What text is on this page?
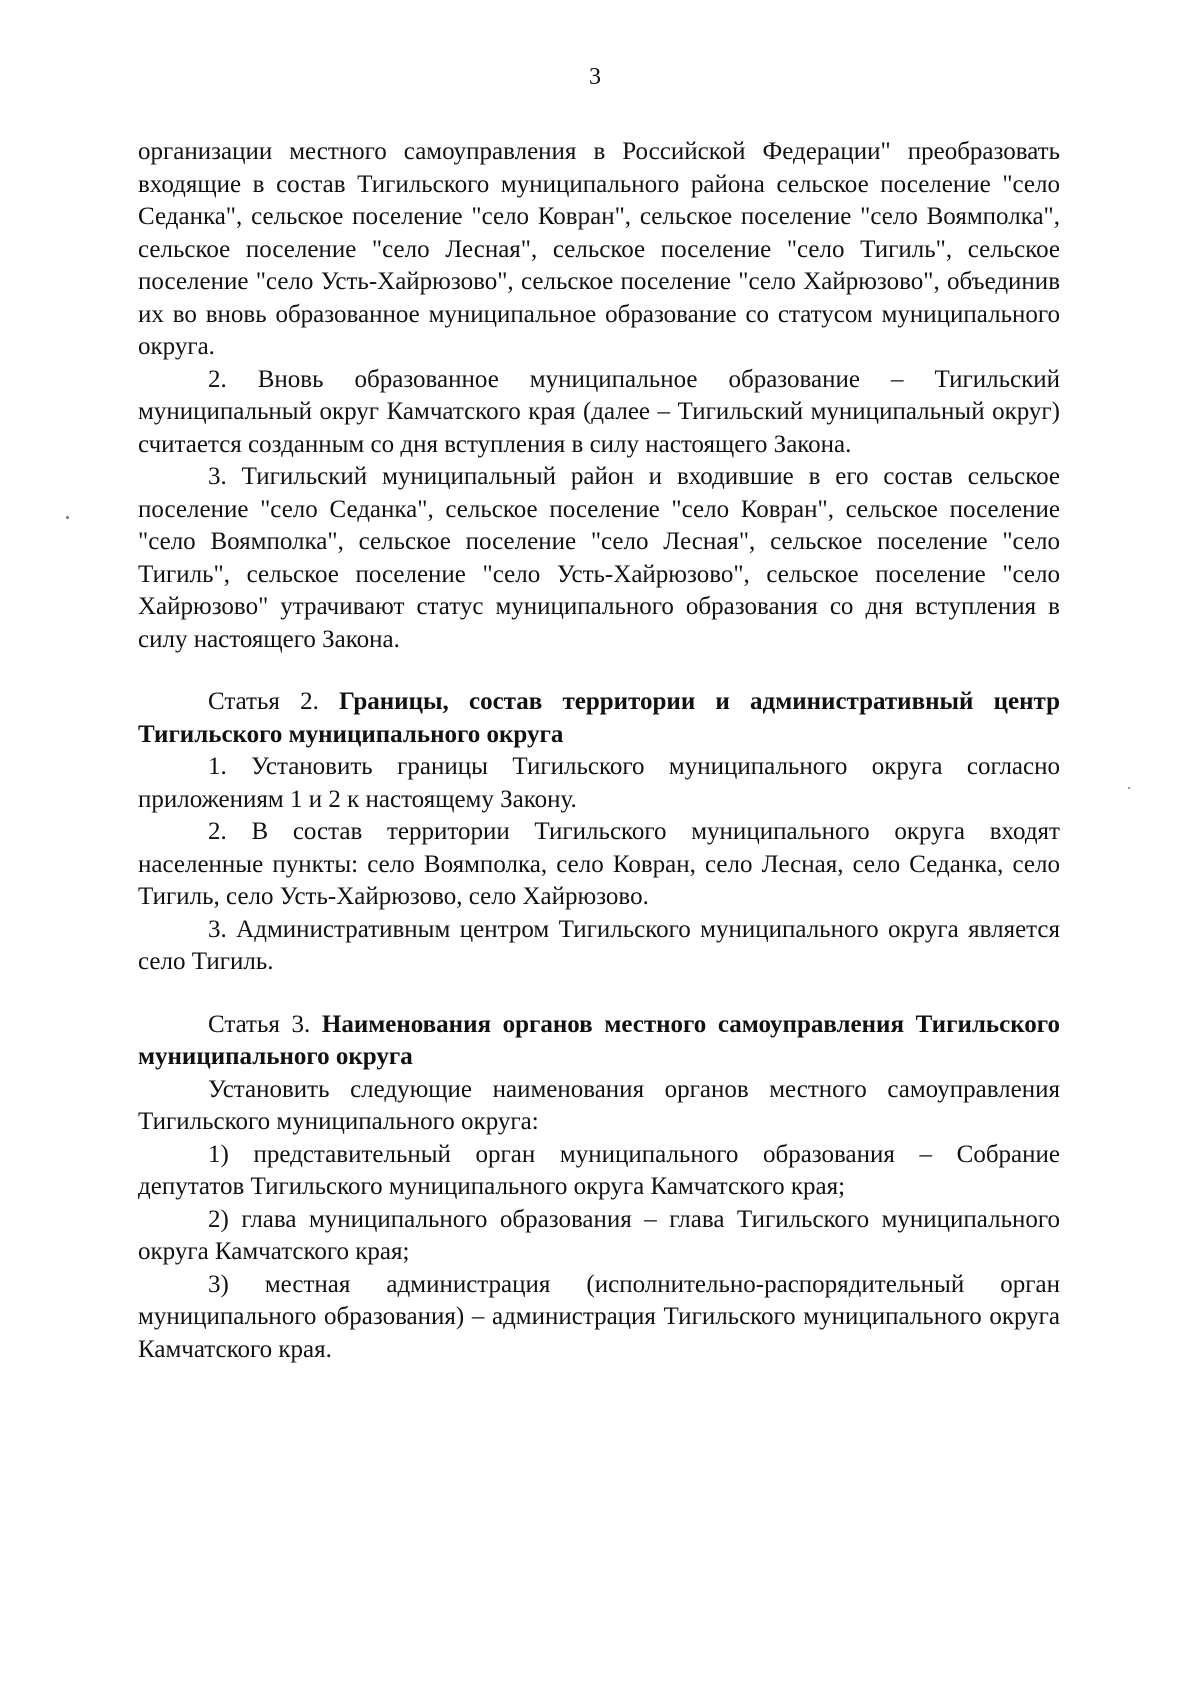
3

организации местного самоуправления в Российской Федерации" преобразовать входящие в состав Тигильского муниципального района сельское поселение "село Седанка", сельское поселение "село Ковран", сельское поселение "село Воямполка", сельское поселение "село Лесная", сельское поселение "село Тигиль", сельское поселение "село Усть-Хайрюзово", сельское поселение "село Хайрюзово", объединив их во вновь образованное муниципальное образование со статусом муниципального округа.

2. Вновь образованное муниципальное образование – Тигильский муниципальный округ Камчатского края (далее – Тигильский муниципальный округ) считается созданным со дня вступления в силу настоящего Закона.

3. Тигильский муниципальный район и входившие в его состав сельское поселение "село Седанка", сельское поселение "село Ковран", сельское поселение "село Воямполка", сельское поселение "село Лесная", сельское поселение "село Тигиль", сельское поселение "село Усть-Хайрюзово", сельское поселение "село Хайрюзово" утрачивают статус муниципального образования со дня вступления в силу настоящего Закона.

Статья 2. Границы, состав территории и административный центр Тигильского муниципального округа

1. Установить границы Тигильского муниципального округа согласно приложениям 1 и 2 к настоящему Закону.

2. В состав территории Тигильского муниципального округа входят населенные пункты: село Воямполка, село Ковран, село Лесная, село Седанка, село Тигиль, село Усть-Хайрюзово, село Хайрюзово.

3. Административным центром Тигильского муниципального округа является село Тигиль.

Статья 3. Наименования органов местного самоуправления Тигильского муниципального округа

Установить следующие наименования органов местного самоуправления Тигильского муниципального округа:

1) представительный орган муниципального образования – Собрание депутатов Тигильского муниципального округа Камчатского края;

2) глава муниципального образования – глава Тигильского муниципального округа Камчатского края;

3) местная администрация (исполнительно-распорядительный орган муниципального образования) – администрация Тигильского муниципального округа Камчатского края.
